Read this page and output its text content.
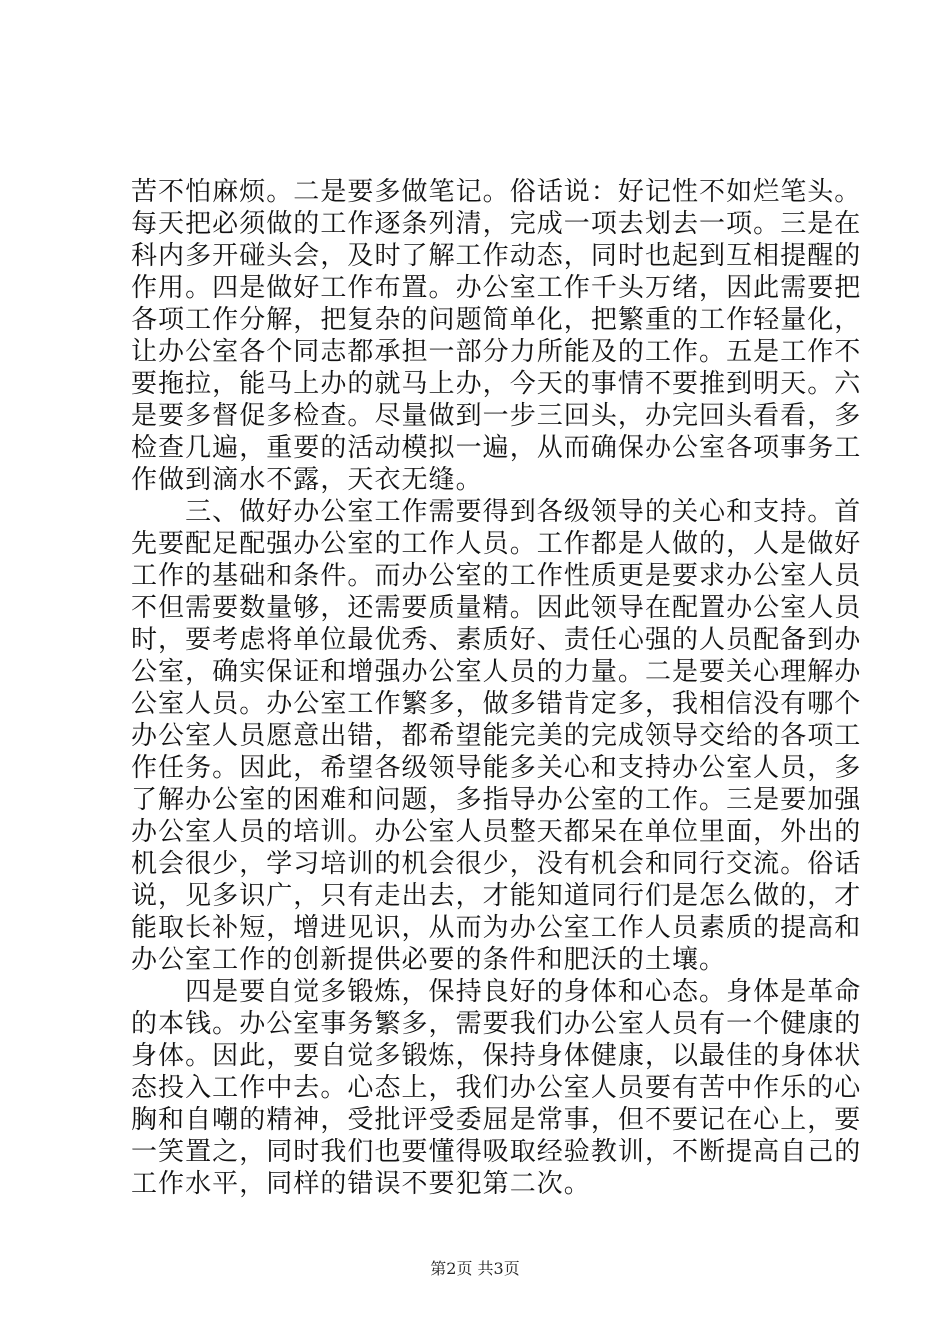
苦不怕麻烦。二是要多做笔记。俗话说：好记性不如烂笔头。
每天把必须做的工作逐条列清，完成一项去划去一项。三是在
科内多开碰头会，及时了解工作动态，同时也起到互相提醒的
作用。四是做好工作布置。办公室工作千头万绪，因此需要把
各项工作分解，把复杂的问题简单化，把繁重的工作轻量化，
让办公室各个同志都承担一部分力所能及的工作。五是工作不
要拖拉，能马上办的就马上办，今天的事情不要推到明天。六
是要多督促多检查。尽量做到一步三回头，办完回头看看，多
检查几遍，重要的活动模拟一遍，从而确保办公室各项事务工
作做到滴水不露，天衣无缝。
　　三、做好办公室工作需要得到各级领导的关心和支持。首
先要配足配强办公室的工作人员。工作都是人做的，人是做好
工作的基础和条件。而办公室的工作性质更是要求办公室人员
不但需要数量够，还需要质量精。因此领导在配置办公室人员
时，要考虑将单位最优秀、素质好、责任心强的人员配备到办
公室，确实保证和增强办公室人员的力量。二是要关心理解办
公室人员。办公室工作繁多，做多错肯定多，我相信没有哪个
办公室人员愿意出错，都希望能完美的完成领导交给的各项工
作任务。因此，希望各级领导能多关心和支持办公室人员，多
了解办公室的困难和问题，多指导办公室的工作。三是要加强
办公室人员的培训。办公室人员整天都呆在单位里面，外出的
机会很少，学习培训的机会很少，没有机会和同行交流。俗话
说，见多识广，只有走出去，才能知道同行们是怎么做的，才
能取长补短，增进见识，从而为办公室工作人员素质的提高和
办公室工作的创新提供必要的条件和肥沃的土壤。
　　四是要自觉多锻炼，保持良好的身体和心态。身体是革命
的本钱。办公室事务繁多，需要我们办公室人员有一个健康的
身体。因此，要自觉多锻炼，保持身体健康，以最佳的身体状
态投入工作中去。心态上，我们办公室人员要有苦中作乐的心
胸和自嘲的精神，受批评受委屈是常事，但不要记在心上，要
一笑置之，同时我们也要懂得吸取经验教训，不断提高自己的
工作水平，同样的错误不要犯第二次。
第2页 共3页
